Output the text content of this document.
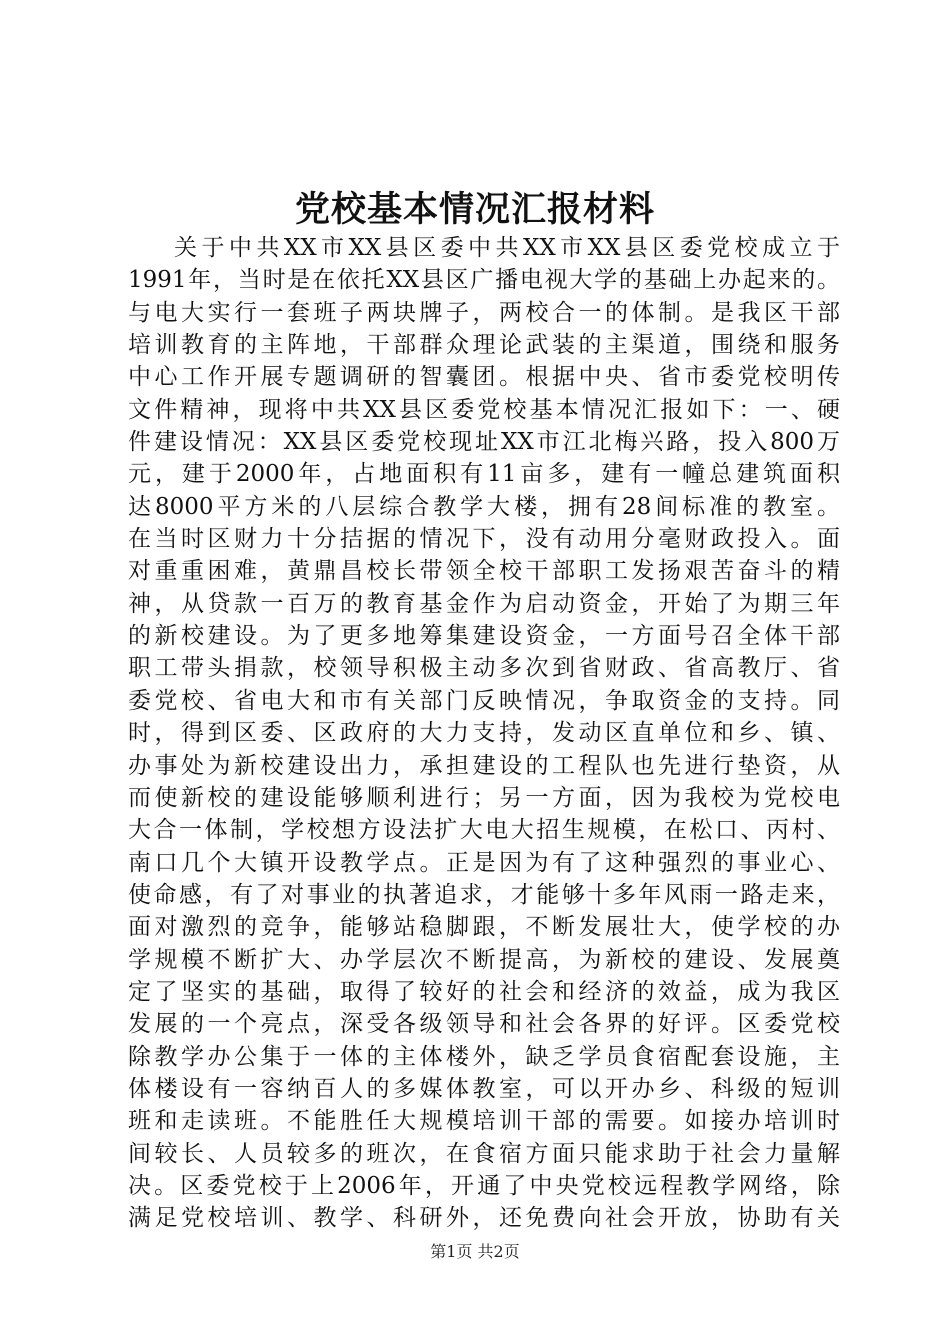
党校基本情况汇报材料
关于中共XX市XX县区委中共XX市XX县区委党校成立于
1991年，当时是在依托XX县区广播电视大学的基础上办起来的。
与电大实行一套班子两块牌子，两校合一的体制。是我区干部
培训教育的主阵地，干部群众理论武装的主渠道，围绕和服务
中心工作开展专题调研的智囊团。根据中央、省市委党校明传
文件精神，现将中共XX县区委党校基本情况汇报如下：一、硬
件建设情况：XX县区委党校现址XX市江北梅兴路，投入800万
元，建于2000年，占地面积有11亩多，建有一幢总建筑面积
达8000平方米的八层综合教学大楼，拥有28间标准的教室。
在当时区财力十分拮据的情况下，没有动用分毫财政投入。面
对重重困难，黄鼎昌校长带领全校干部职工发扬艰苦奋斗的精
神，从贷款一百万的教育基金作为启动资金，开始了为期三年
的新校建设。为了更多地筹集建设资金，一方面号召全体干部
职工带头捐款，校领导积极主动多次到省财政、省高教厅、省
委党校、省电大和市有关部门反映情况，争取资金的支持。同
时，得到区委、区政府的大力支持，发动区直单位和乡、镇、
办事处为新校建设出力，承担建设的工程队也先进行垫资，从
而使新校的建设能够顺利进行；另一方面，因为我校为党校电
大合一体制，学校想方设法扩大电大招生规模，在松口、丙村、
南口几个大镇开设教学点。正是因为有了这种强烈的事业心、
使命感，有了对事业的执著追求，才能够十多年风雨一路走来，
面对激烈的竞争，能够站稳脚跟，不断发展壮大，使学校的办
学规模不断扩大、办学层次不断提高，为新校的建设、发展奠
定了坚实的基础，取得了较好的社会和经济的效益，成为我区
发展的一个亮点，深受各级领导和社会各界的好评。区委党校
除教学办公集于一体的主体楼外，缺乏学员食宿配套设施，主
体楼设有一容纳百人的多媒体教室，可以开办乡、科级的短训
班和走读班。不能胜任大规模培训干部的需要。如接办培训时
间较长、人员较多的班次，在食宿方面只能求助于社会力量解
决。区委党校于上2006年，开通了中央党校远程教学网络，除
满足党校培训、教学、科研外，还免费向社会开放，协助有关
第1页 共2页
